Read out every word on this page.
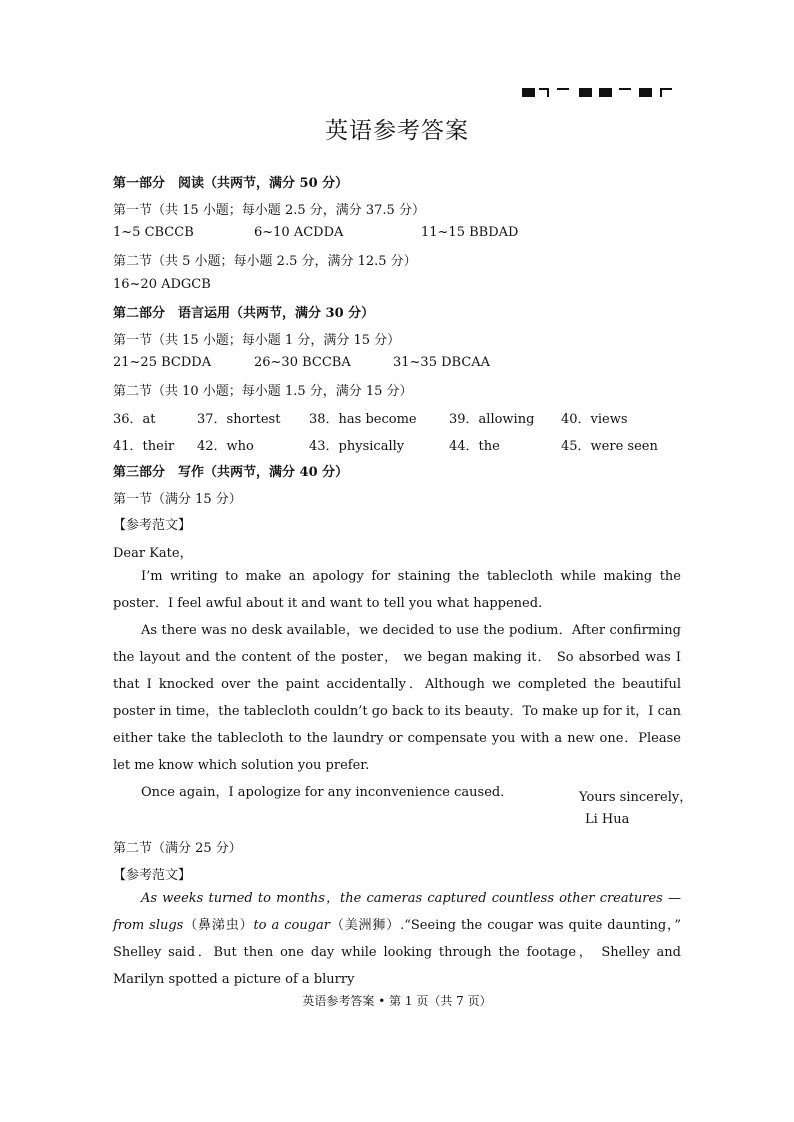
英语参考答案
第一部分　阅读（共两节，满分 50 分）
第一节（共 15 小题；每小题 2.5 分，满分 37.5 分）
1~5 CBCCB	6~10 ACDDA	11~15 BBDAD
第二节（共 5 小题；每小题 2.5 分，满分 12.5 分）
16~20 ADGCB
第二部分　语言运用（共两节，满分 30 分）
第一节（共 15 小题；每小题 1 分，满分 15 分）
21~25 BCDDA	26~30 BCCBA	31~35 DBCAA
第二节（共 10 小题；每小题 1.5 分，满分 15 分）
36．at	37．shortest 38．has become 39．allowing 40．views
41．their 42．who	43．physically	44．the	45．were seen
第三部分　写作（共两节，满分 40 分）
第一节（满分 15 分）
【参考范文】
Dear Kate，

I’m writing to make an apology for staining the tablecloth while making the poster．I feel awful about it and want to tell you what happened.

As there was no desk available，we decided to use the podium．After confirming the layout and the content of the poster， we began making it． So absorbed was I that I knocked over the paint accidentally．Although we completed the beautiful poster in time，the tablecloth couldn’t go back to its beauty．To make up for it，I can either take the tablecloth to the laundry or compensate you with a new one．Please let me know which solution you prefer.

Once again，I apologize for any inconvenience caused．	Yours sincerely，
Li Hua
第二节（满分 25 分）
【参考范文】

As weeks turned to months，the cameras captured countless other creatures — from slugs（鼻涕虫）to a cougar（美洲狮）.“Seeing the cougar was quite daunting，” Shelley said．But then one day while looking through the footage， Shelley and Marilyn spotted a picture of a blurry

英语参考答案 • 第 1 页（共 7 页）
